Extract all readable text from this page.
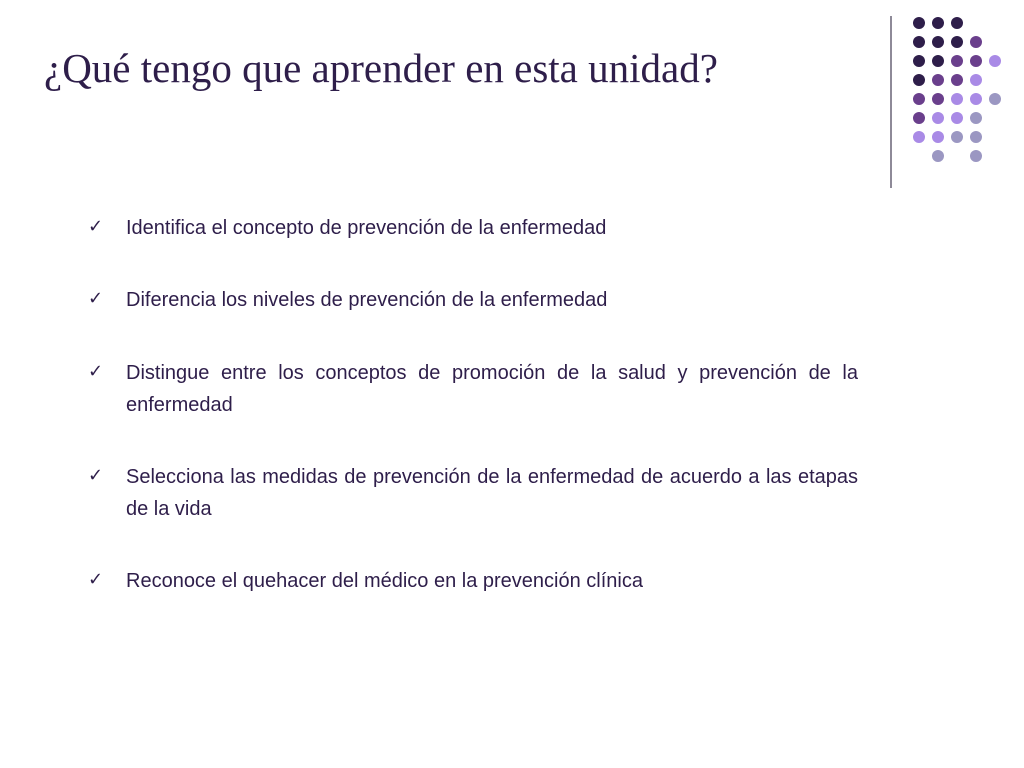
¿Qué tengo que aprender en esta unidad?
✓	Identifica el concepto de prevención de la enfermedad
✓	Diferencia los niveles de prevención de la enfermedad
✓	Distingue entre los conceptos de promoción de la salud y prevención de la enfermedad
✓	Selecciona las medidas de prevención de la enfermedad de acuerdo a las etapas de la vida
✓	Reconoce el quehacer del médico en la prevención clínica
